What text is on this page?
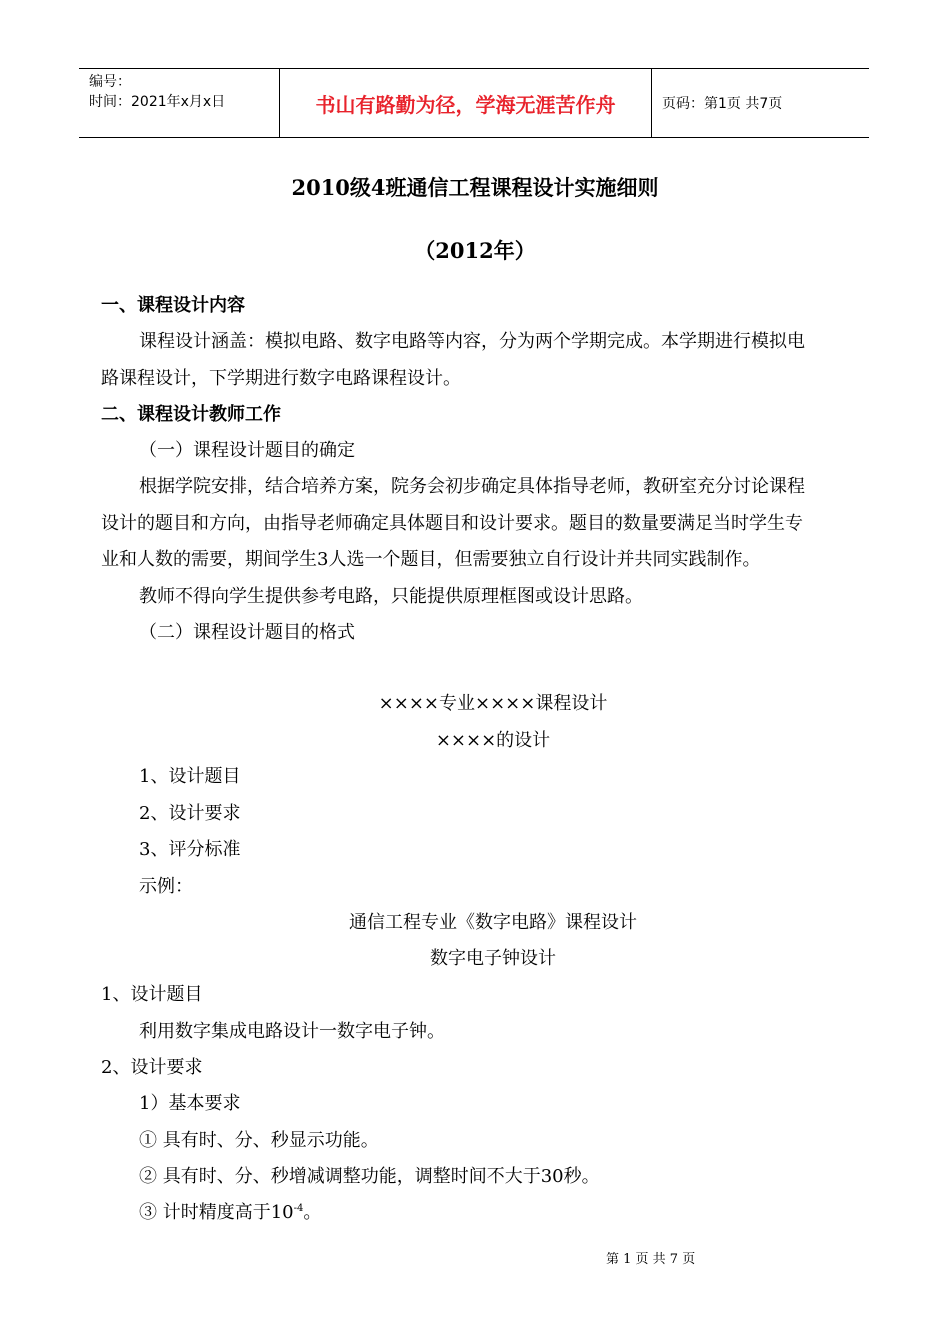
编号：
时间：2021年x月x日	书山有路勤为径，学海无涯苦作舟	页码：第1页 共7页
2010级4班通信工程课程设计实施细则
（2012年）
一、课程设计内容
课程设计涵盖：模拟电路、数字电路等内容，分为两个学期完成。本学期进行模拟电
路课程设计，下学期进行数字电路课程设计。
二、课程设计教师工作
（一）课程设计题目的确定
根据学院安排，结合培养方案，院务会初步确定具体指导老师，教研室充分讨论课程
设计的题目和方向，由指导老师确定具体题目和设计要求。题目的数量要满足当时学生专
业和人数的需要，期间学生3人选一个题目，但需要独立自行设计并共同实践制作。
教师不得向学生提供参考电路，只能提供原理框图或设计思路。
（二）课程设计题目的格式
××××专业××××课程设计
××××的设计
1、设计题目
2、设计要求
3、评分标准
示例：
通信工程专业《数字电路》课程设计
数字电子钟设计
1、设计题目
利用数字集成电路设计一数字电子钟。
2、设计要求
1）基本要求
① 具有时、分、秒显示功能。
② 具有时、分、秒增减调整功能，调整时间不大于30秒。
③ 计时精度高于$10^{-4}$。
第 1 页 共 7 页
